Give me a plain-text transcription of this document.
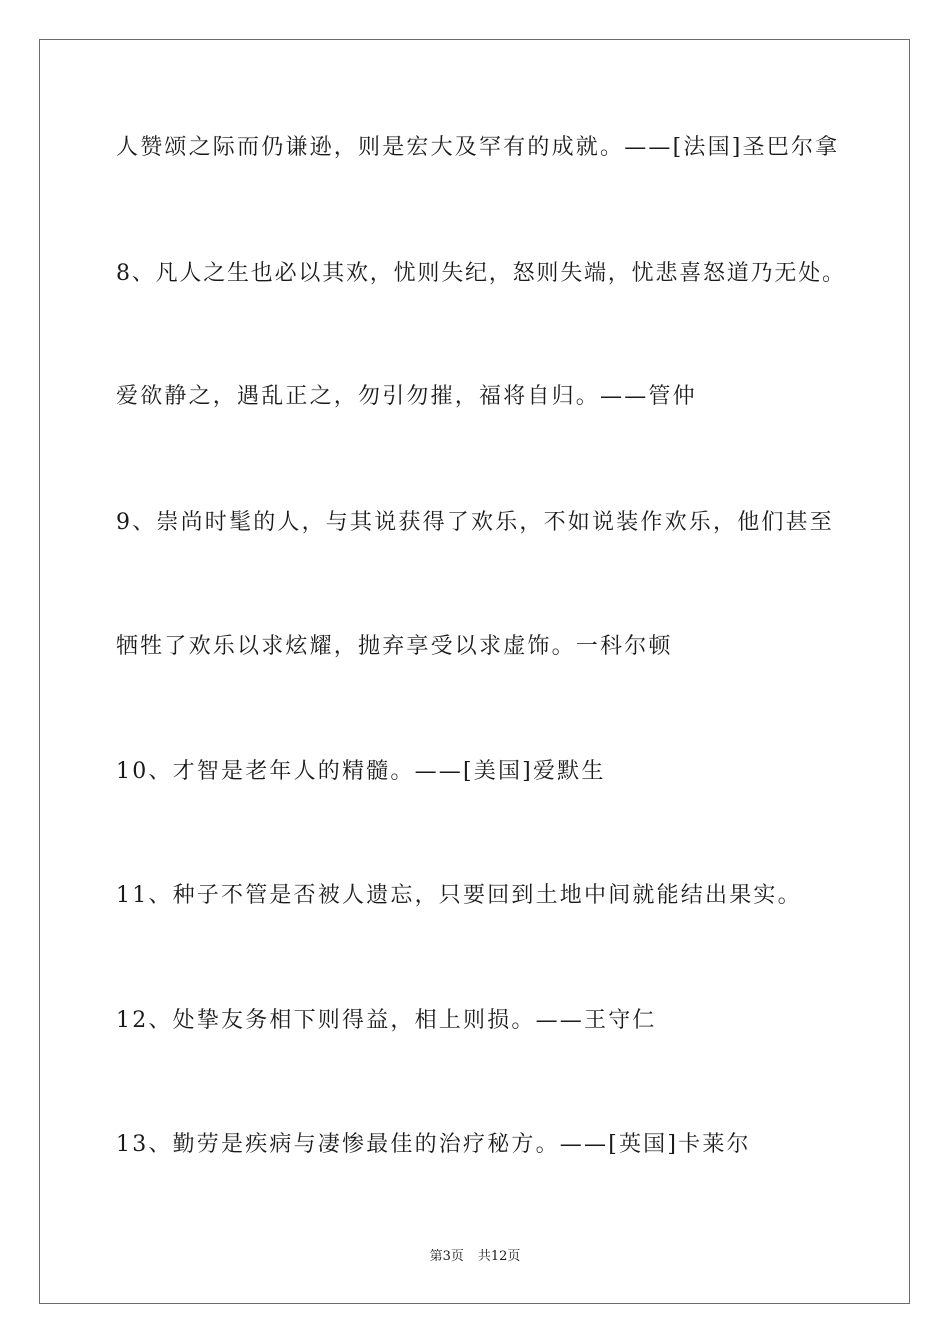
人赞颂之际而仍谦逊，则是宏大及罕有的成就。——[法国]圣巴尔拿
8、凡人之生也必以其欢，忧则失纪，怒则失端，忧悲喜怒道乃无处。
爱欲静之，遇乱正之，勿引勿摧，福将自归。——管仲
9、崇尚时髦的人，与其说获得了欢乐，不如说装作欢乐，他们甚至
牺牲了欢乐以求炫耀，抛弃享受以求虚饰。一科尔顿
10、才智是老年人的精髓。——[美国]爱默生
11、种子不管是否被人遗忘，只要回到土地中间就能结出果实。
12、处挚友务相下则得益，相上则损。——王守仁
13、勤劳是疾病与凄惨最佳的治疗秘方。——[英国]卡莱尔
第3页 共12页
